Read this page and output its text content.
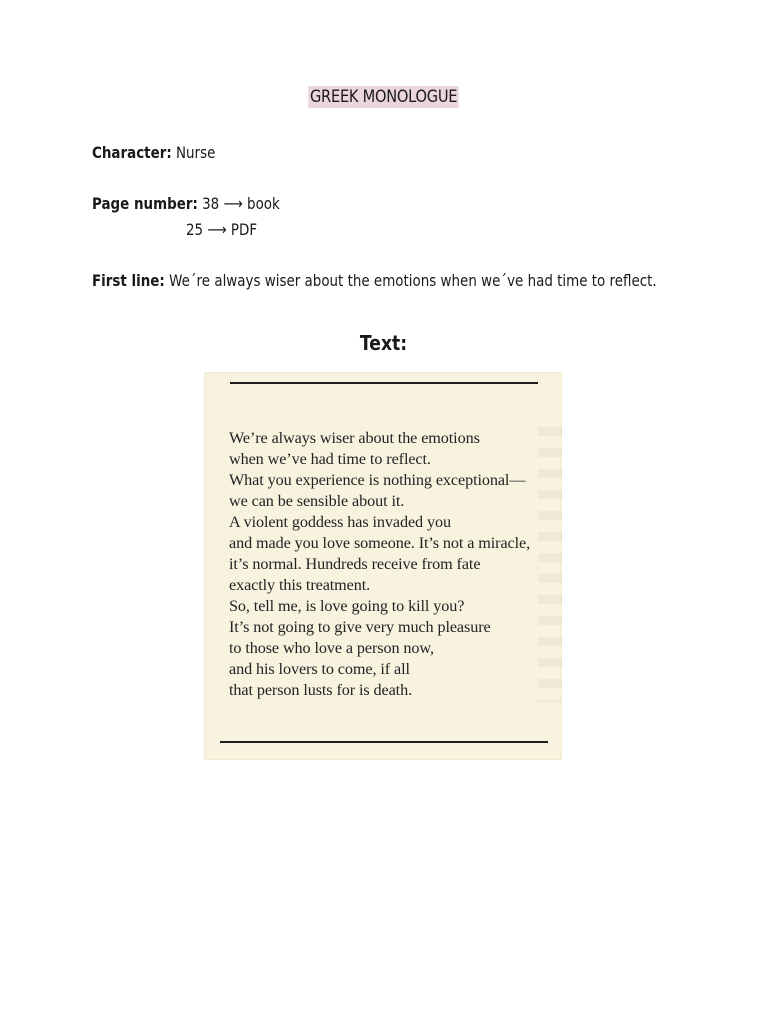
GREEK MONOLOGUE
Character: Nurse
Page number: 38 ⟶ book
25 ⟶ PDF
First line: We´re always wiser about the emotions when we´ve had time to reflect.
Text:
We’re always wiser about the emotions
when we’ve had time to reflect.
What you experience is nothing exceptional—
we can be sensible about it.
A violent goddess has invaded you
and made you love someone. It’s not a miracle,
it’s normal. Hundreds receive from fate
exactly this treatment.
So, tell me, is love going to kill you?
It’s not going to give very much pleasure
to those who love a person now,
and his lovers to come, if all
that person lusts for is death.
